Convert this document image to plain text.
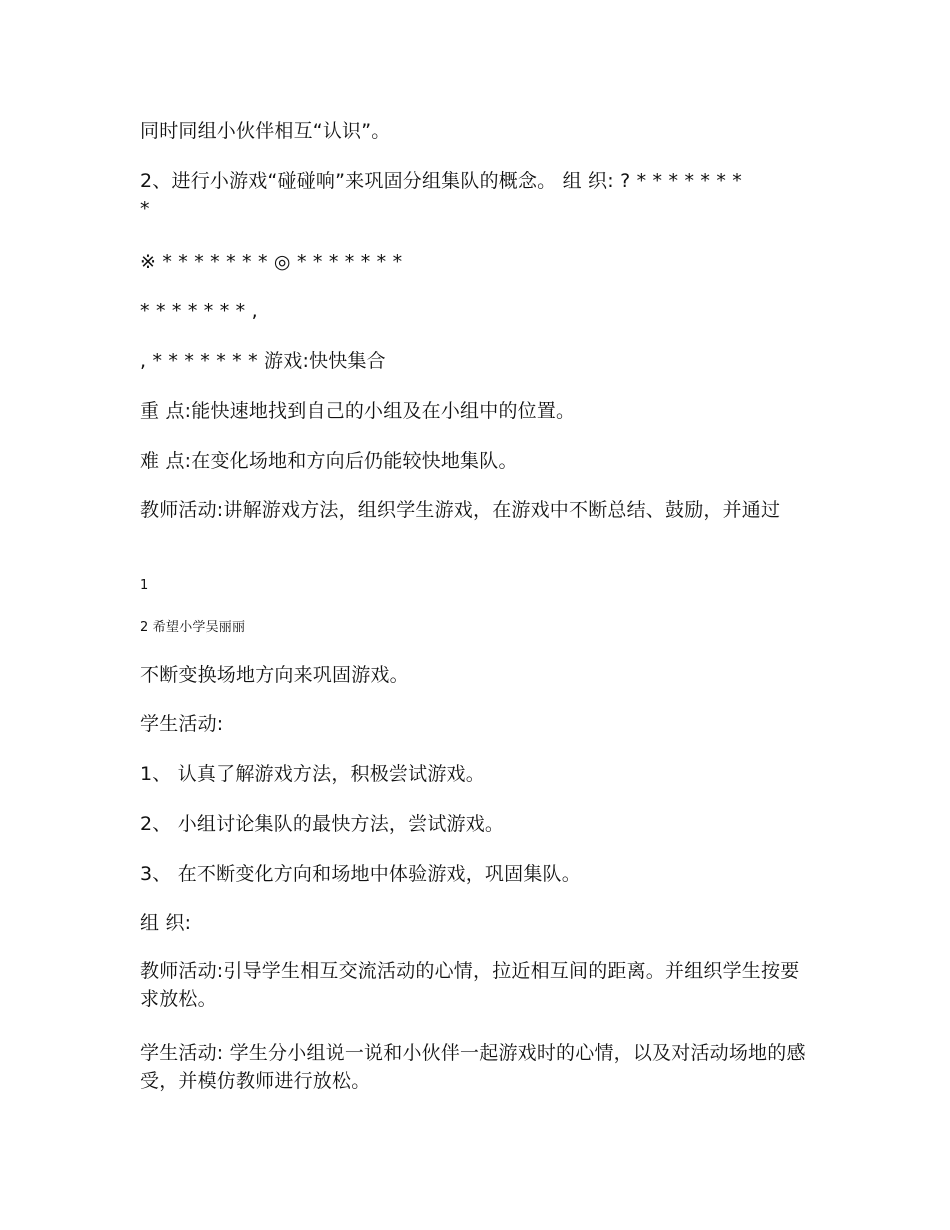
同时同组小伙伴相互“认识”。
2、进行小游戏“碰碰响”来巩固分组集队的概念。 组 织: ? * * * * * * *
*
※ * * * * * * * ◎ * * * * * * *
* * * * * * * ,
, * * * * * * * 游戏:快快集合
重 点:能快速地找到自己的小组及在小组中的位置。
难 点:在变化场地和方向后仍能较快地集队。
教师活动:讲解游戏方法，组织学生游戏，在游戏中不断总结、鼓励，并通过
1
2 希望小学吴丽丽
不断变换场地方向来巩固游戏。
学生活动:
1、 认真了解游戏方法，积极尝试游戏。
2、 小组讨论集队的最快方法，尝试游戏。
3、 在不断变化方向和场地中体验游戏，巩固集队。
组 织:
教师活动:引导学生相互交流活动的心情，拉近相互间的距离。并组织学生按要求放松。
学生活动: 学生分小组说一说和小伙伴一起游戏时的心情，以及对活动场地的感受，并模仿教师进行放松。
